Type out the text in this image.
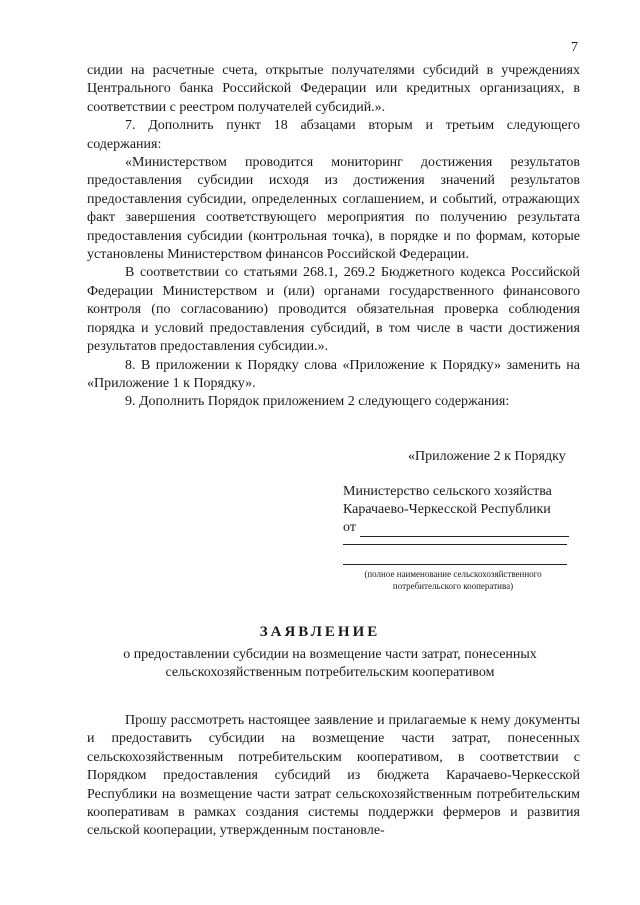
7

сидии на расчетные счета, открытые получателями субсидий в учреждениях Центрального банка Российской Федерации или кредитных организациях, в соответствии с реестром получателей субсидий.».

7. Дополнить пункт 18 абзацами вторым и третьим следующего содержания:

«Министерством проводится мониторинг достижения результатов предоставления субсидии исходя из достижения значений результатов предоставления субсидии, определенных соглашением, и событий, отражающих факт завершения соответствующего мероприятия по получению результата предоставления субсидии (контрольная точка), в порядке и по формам, которые установлены Министерством финансов Российской Федерации.

В соответствии со статьями 268.1, 269.2 Бюджетного кодекса Российской Федерации Министерством и (или) органами государственного финансового контроля (по согласованию) проводится обязательная проверка соблюдения порядка и условий предоставления субсидий, в том числе в части достижения результатов предоставления субсидии.».

8. В приложении к Порядку слова «Приложение к Порядку» заменить на «Приложение 1 к Порядку».

9. Дополнить Порядок приложением 2 следующего содержания:

«Приложение 2 к Порядку
Министерство сельского хозяйства
Карачаево-Черкесской Республики
от
(полное наименование сельскохозяйственного потребительского кооператива)
ЗАЯВЛЕНИЕ
о предоставлении субсидии на возмещение части затрат, понесенных сельскохозяйственным потребительским кооперативом

Прошу рассмотреть настоящее заявление и прилагаемые к нему документы и предоставить субсидии на возмещение части затрат, понесенных сельскохозяйственным потребительским кооперативом, в соответствии с Порядком предоставления субсидий из бюджета Карачаево-Черкесской Республики на возмещение части затрат сельскохозяйственным потребительским кооперативам в рамках создания системы поддержки фермеров и развития сельской кооперации, утвержденным постановле-
